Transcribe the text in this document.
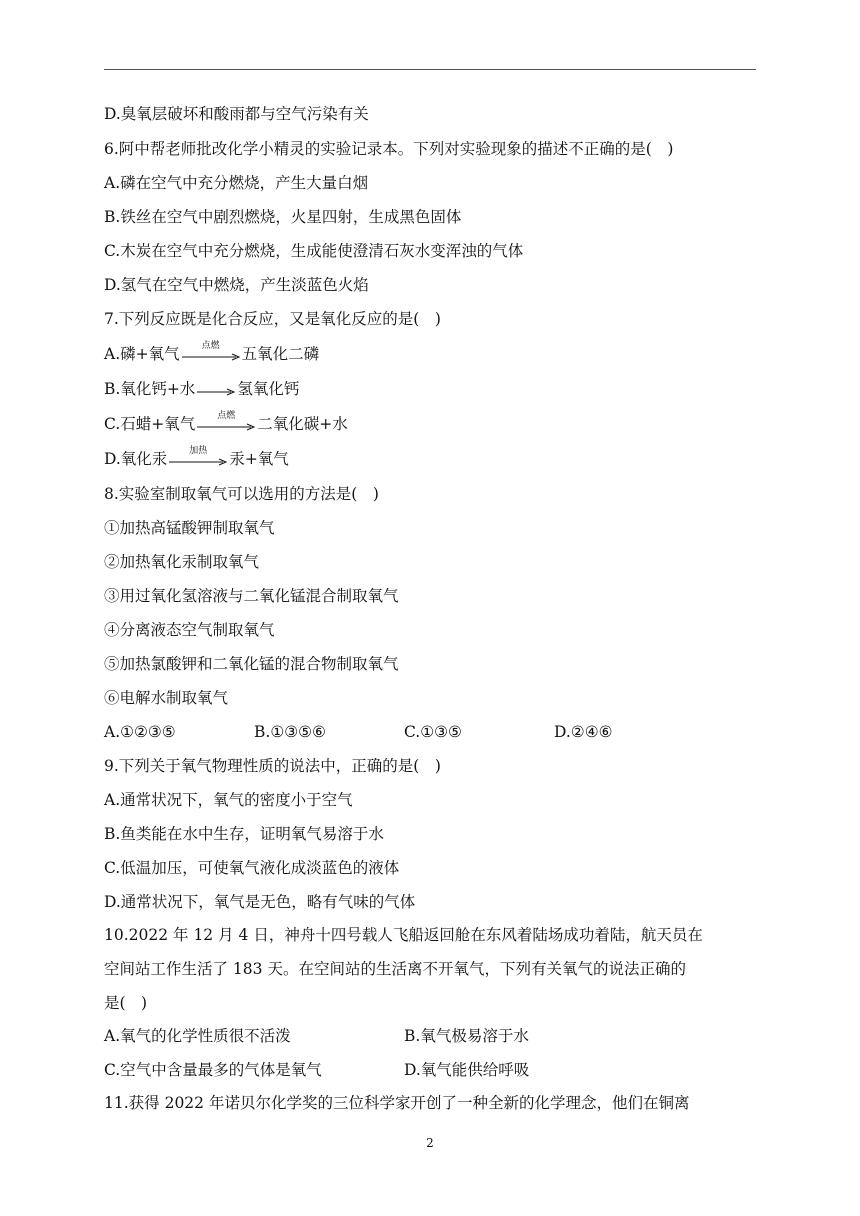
D.臭氧层破坏和酸雨都与空气污染有关
6.阿中帮老师批改化学小精灵的实验记录本。下列对实验现象的描述不正确的是(　)
A.磷在空气中充分燃烧，产生大量白烟
B.铁丝在空气中剧烈燃烧，火星四射，生成黑色固体
C.木炭在空气中充分燃烧，生成能使澄清石灰水变浑浊的气体
D.氢气在空气中燃烧，产生淡蓝色火焰
7.下列反应既是化合反应，又是氧化反应的是(　)
A.磷+氧气	点燃	五氧化二磷
B.氧化钙+水 → 氢氧化钙
C.石蜡+氧气	点燃	二氧化碳+水
D.氧化汞	加热	汞+氧气
8.实验室制取氧气可以选用的方法是(　)
①加热高锰酸钾制取氧气
②加热氧化汞制取氧气
③用过氧化氢溶液与二氧化锰混合制取氧气
④分离液态空气制取氧气
⑤加热氯酸钾和二氧化锰的混合物制取氧气
⑥电解水制取氧气
A.①②③⑤	B.①③⑤⑥	C.①③⑤	D.②④⑥
9.下列关于氧气物理性质的说法中，正确的是(　)
A.通常状况下，氧气的密度小于空气
B.鱼类能在水中生存，证明氧气易溶于水
C.低温加压，可使氧气液化成淡蓝色的液体
D.通常状况下，氧气是无色，略有气味的气体
10.2022 年 12 月 4 日，神舟十四号载人飞船返回舱在东风着陆场成功着陆，航天员在
空间站工作生活了 183 天。在空间站的生活离不开氧气，下列有关氧气的说法正确的
是(　)
A.氧气的化学性质很不活泼	B.氧气极易溶于水
C.空气中含量最多的气体是氧气	D.氧气能供给呼吸
11.获得 2022 年诺贝尔化学奖的三位科学家开创了一种全新的化学理念，他们在铜离
2
